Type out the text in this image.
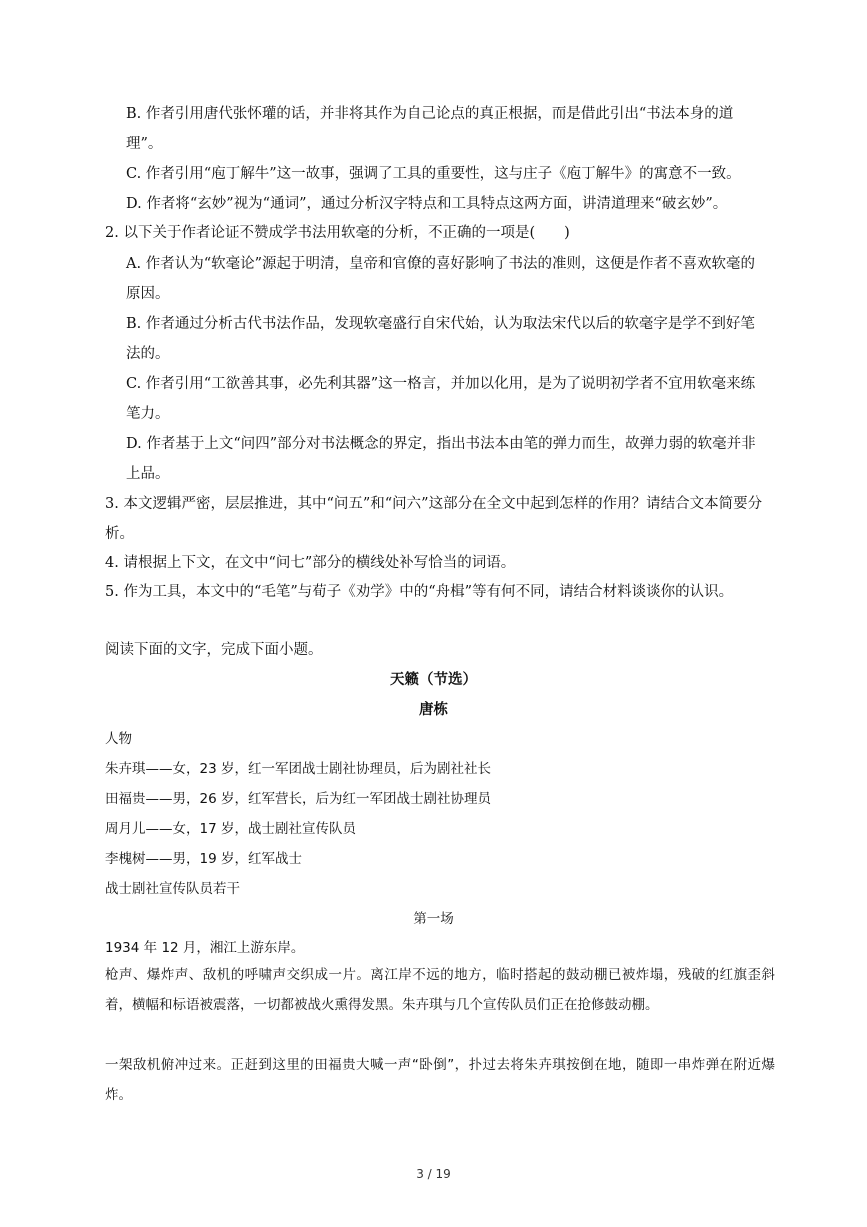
B. 作者引用唐代张怀瓘的话，并非将其作为自己论点的真正根据，而是借此引出“书法本身的道理”。

C. 作者引用“庖丁解牛”这一故事，强调了工具的重要性，这与庄子《庖丁解牛》的寓意不一致。

D. 作者将“玄妙”视为“通词”，通过分析汉字特点和工具特点这两方面，讲清道理来“破玄妙”。

2. 以下关于作者论证不赞成学书法用软毫的分析，不正确的一项是(　　)

A. 作者认为“软毫论”源起于明清，皇帝和官僚的喜好影响了书法的准则，这便是作者不喜欢软毫的原因。

B. 作者通过分析古代书法作品，发现软毫盛行自宋代始，认为取法宋代以后的软毫字是学不到好笔法的。

C. 作者引用“工欲善其事，必先利其器”这一格言，并加以化用，是为了说明初学者不宜用软毫来练笔力。

D. 作者基于上文“问四”部分对书法概念的界定，指出书法本由笔的弹力而生，故弹力弱的软毫并非上品。

3. 本文逻辑严密，层层推进，其中“问五”和“问六”这部分在全文中起到怎样的作用？请结合文本简要分析。

4. 请根据上下文，在文中“问七”部分的横线处补写恰当的词语。

5. 作为工具，本文中的“毛笔”与荀子《劝学》中的“舟楫”等有何不同，请结合材料谈谈你的认识。

阅读下面的文字，完成下面小题。

天籁（节选）

唐栋

人物

朱卉琪——女，23 岁，红一军团战士剧社协理员，后为剧社社长

田福贵——男，26 岁，红军营长，后为红一军团战士剧社协理员

周月儿——女，17 岁，战士剧社宣传队员

李槐树——男，19 岁，红军战士

战士剧社宣传队员若干

第一场

1934 年 12 月，湘江上游东岸。

枪声、爆炸声、敌机的呼啸声交织成一片。离江岸不远的地方，临时搭起的鼓动棚已被炸塌，残破的红旗歪斜着，横幅和标语被震落，一切都被战火熏得发黑。朱卉琪与几个宣传队员们正在抢修鼓动棚。

一架敌机俯冲过来。正赶到这里的田福贵大喊一声“卧倒”，扑过去将朱卉琪按倒在地，随即一串炸弹在附近爆炸。

3 / 19
